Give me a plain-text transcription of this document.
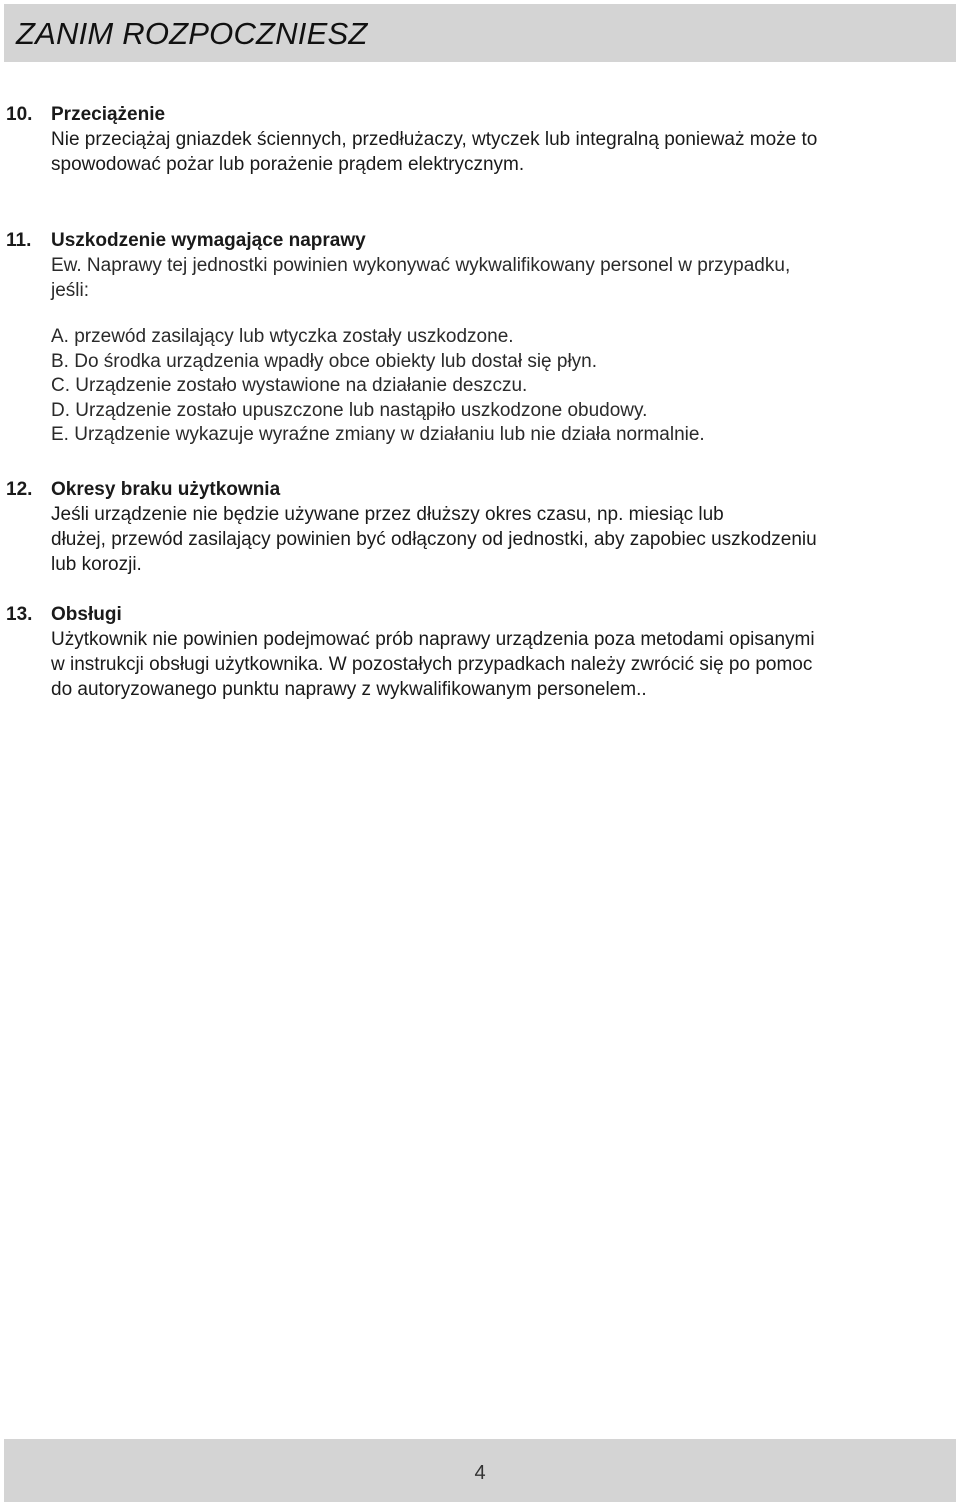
ZANIM ROZPOCZNIESZ
10. Przeciążenie
Nie przeciążaj gniazdek ściennych, przedłużaczy, wtyczek lub integralną ponieważ może to
spowodować pożar lub porażenie prądem elektrycznym.
11. Uszkodzenie wymagające naprawy
Ew. Naprawy tej jednostki powinien wykonywać wykwalifikowany personel w przypadku,
jeśli:
A. przewód zasilający lub wtyczka zostały uszkodzone.
B. Do środka urządzenia wpadły obce obiekty lub dostał się płyn.
C. Urządzenie zostało wystawione na działanie deszczu.
D. Urządzenie zostało upuszczone lub nastąpiło uszkodzone obudowy.
E. Urządzenie wykazuje wyraźne zmiany w działaniu lub nie działa normalnie.
12. Okresy braku użytkownia
Jeśli urządzenie nie będzie używane przez dłuższy okres czasu, np. miesiąc lub
dłużej, przewód zasilający powinien być odłączony od jednostki, aby zapobiec uszkodzeniu
lub korozji.
13. Obsługi
Użytkownik nie powinien podejmować prób naprawy urządzenia poza metodami opisanymi
w instrukcji obsługi użytkownika. W pozostałych przypadkach należy zwrócić się po pomoc
do autoryzowanego punktu naprawy z wykwalifikowanym personelem..
4
